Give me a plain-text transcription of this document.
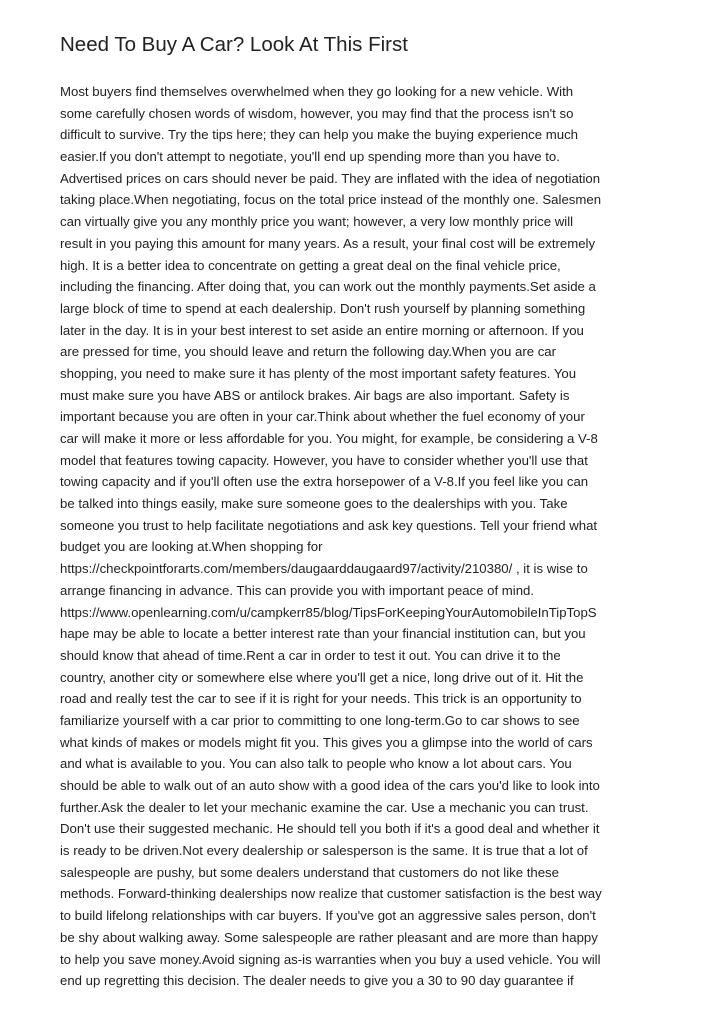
Need To Buy A Car? Look At This First
Most buyers find themselves overwhelmed when they go looking for a new vehicle. With
some carefully chosen words of wisdom, however, you may find that the process isn't so
difficult to survive. Try the tips here; they can help you make the buying experience much
easier.If you don't attempt to negotiate, you'll end up spending more than you have to.
Advertised prices on cars should never be paid. They are inflated with the idea of negotiation
taking place.When negotiating, focus on the total price instead of the monthly one. Salesmen
can virtually give you any monthly price you want; however, a very low monthly price will
result in you paying this amount for many years. As a result, your final cost will be extremely
high. It is a better idea to concentrate on getting a great deal on the final vehicle price,
including the financing. After doing that, you can work out the monthly payments.Set aside a
large block of time to spend at each dealership. Don't rush yourself by planning something
later in the day. It is in your best interest to set aside an entire morning or afternoon. If you
are pressed for time, you should leave and return the following day.When you are car
shopping, you need to make sure it has plenty of the most important safety features. You
must make sure you have ABS or antilock brakes. Air bags are also important. Safety is
important because you are often in your car.Think about whether the fuel economy of your
car will make it more or less affordable for you. You might, for example, be considering a V-8
model that features towing capacity. However, you have to consider whether you'll use that
towing capacity and if you'll often use the extra horsepower of a V-8.If you feel like you can
be talked into things easily, make sure someone goes to the dealerships with you. Take
someone you trust to help facilitate negotiations and ask key questions. Tell your friend what
budget you are looking at.When shopping for
https://checkpointforarts.com/members/daugaarddaugaard97/activity/210380/ , it is wise to
arrange financing in advance. This can provide you with important peace of mind.
https://www.openlearning.com/u/campkerr85/blog/TipsForKeepingYourAutomobileInTipTopS
hape may be able to locate a better interest rate than your financial institution can, but you
should know that ahead of time.Rent a car in order to test it out. You can drive it to the
country, another city or somewhere else where you'll get a nice, long drive out of it. Hit the
road and really test the car to see if it is right for your needs. This trick is an opportunity to
familiarize yourself with a car prior to committing to one long-term.Go to car shows to see
what kinds of makes or models might fit you. This gives you a glimpse into the world of cars
and what is available to you. You can also talk to people who know a lot about cars. You
should be able to walk out of an auto show with a good idea of the cars you'd like to look into
further.Ask the dealer to let your mechanic examine the car. Use a mechanic you can trust.
Don't use their suggested mechanic. He should tell you both if it's a good deal and whether it
is ready to be driven.Not every dealership or salesperson is the same. It is true that a lot of
salespeople are pushy, but some dealers understand that customers do not like these
methods. Forward-thinking dealerships now realize that customer satisfaction is the best way
to build lifelong relationships with car buyers. If you've got an aggressive sales person, don't
be shy about walking away. Some salespeople are rather pleasant and are more than happy
to help you save money.Avoid signing as-is warranties when you buy a used vehicle. You will
end up regretting this decision. The dealer needs to give you a 30 to 90 day guarantee if
